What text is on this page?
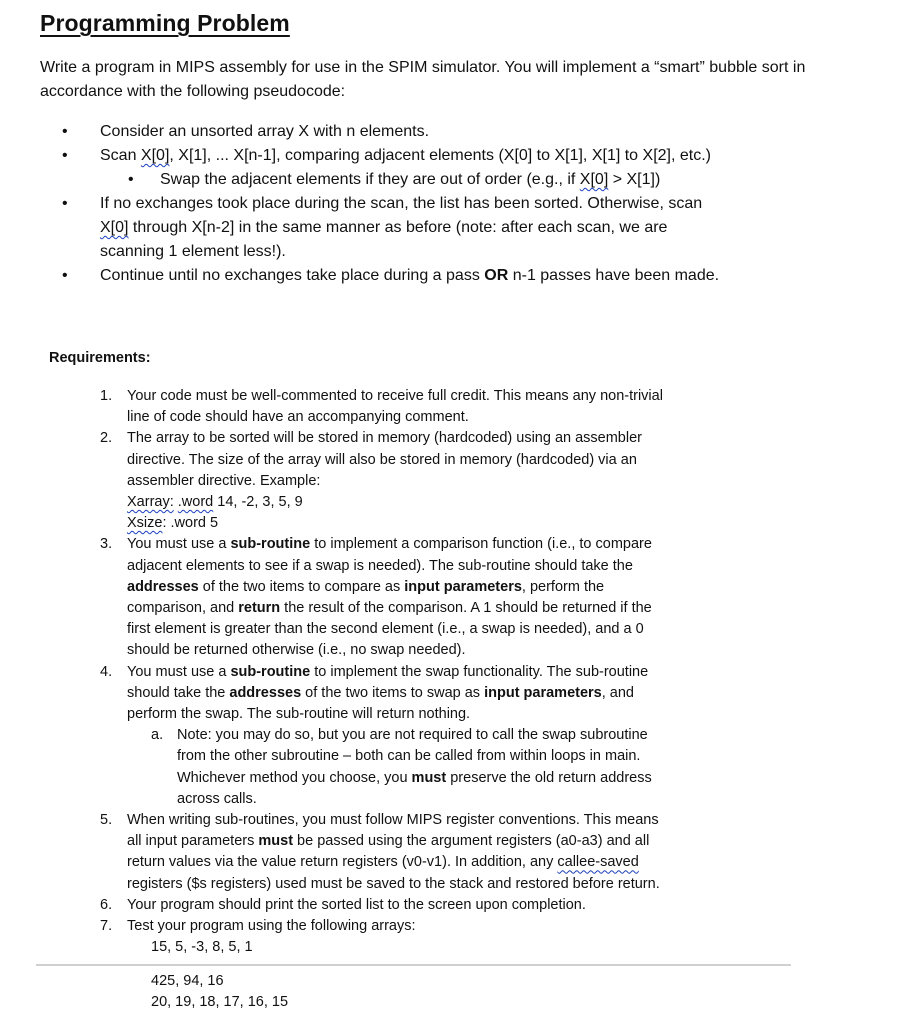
Programming Problem

Write a program in MIPS assembly for use in the SPIM simulator. You will implement a “smart” bubble sort in accordance with the following pseudocode:

• Consider an unsorted array X with n elements.
• Scan X[0], X[1], ... X[n-1], comparing adjacent elements (X[0] to X[1], X[1] to X[2], etc.)
• Swap the adjacent elements if they are out of order (e.g., if X[0] > X[1])
• If no exchanges took place during the scan, the list has been sorted. Otherwise, scan
X[0] through X[n-2] in the same manner as before (note: after each scan, we are
scanning 1 element less!).
• Continue until no exchanges take place during a pass OR n-1 passes have been made.
Requirements:
1. Your code must be well-commented to receive full credit. This means any non-trivial
line of code should have an accompanying comment.
2. The array to be sorted will be stored in memory (hardcoded) using an assembler
directive. The size of the array will also be stored in memory (hardcoded) via an
assembler directive. Example:
Xarray: .word 14, -2, 3, 5, 9
Xsize: .word 5
3. You must use a sub-routine to implement a comparison function (i.e., to compare
adjacent elements to see if a swap is needed). The sub-routine should take the
addresses of the two items to compare as input parameters, perform the
comparison, and return the result of the comparison. A 1 should be returned if the
first element is greater than the second element (i.e., a swap is needed), and a 0
should be returned otherwise (i.e., no swap needed).
4. You must use a sub-routine to implement the swap functionality. The sub-routine
should take the addresses of the two items to swap as input parameters, and
perform the swap. The sub-routine will return nothing.
a. Note: you may do so, but you are not required to call the swap subroutine
from the other subroutine – both can be called from within loops in main.
Whichever method you choose, you must preserve the old return address
across calls.
5. When writing sub-routines, you must follow MIPS register conventions. This means
all input parameters must be passed using the argument registers (a0-a3) and all
return values via the value return registers (v0-v1). In addition, any callee-saved
registers ($s registers) used must be saved to the stack and restored before return.
6. Your program should print the sorted list to the screen upon completion.
7. Test your program using the following arrays:
15, 5, -3, 8, 5, 1
425, 94, 16
20, 19, 18, 17, 16, 15
